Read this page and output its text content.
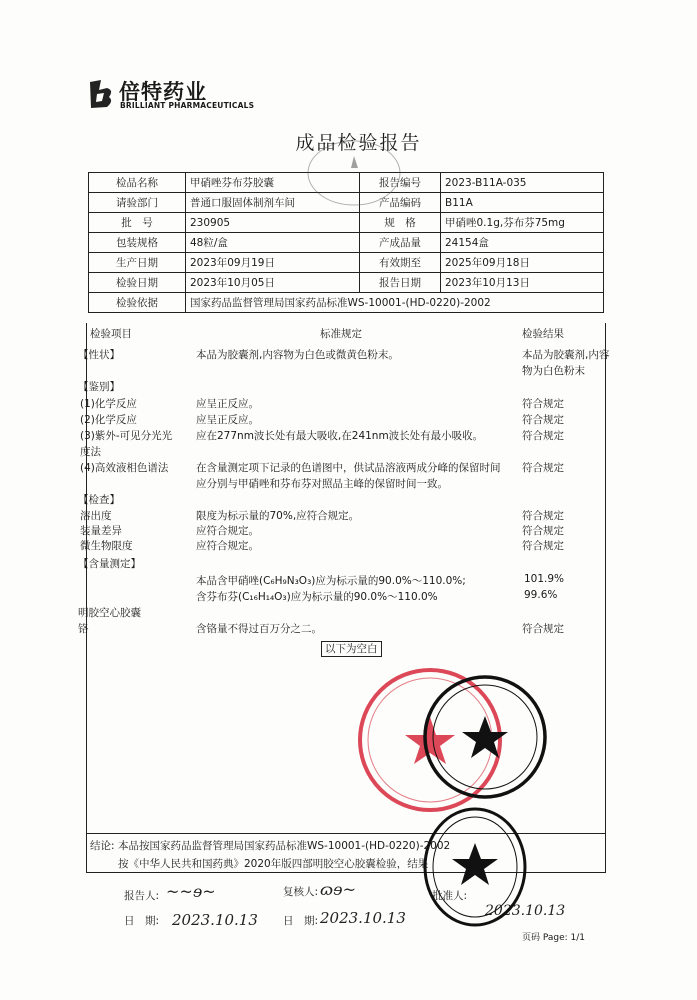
倍特药业
BRILLIANT PHARMACEUTICALS
成品检验报告
检品名称	甲硝唑芬布芬胶囊	报告编号	2023-B11A-035
请验部门	普通口服固体制剂车间	产品编码	B11A
批　号	230905	规　格	甲硝唑0.1g,芬布芬75mg
包装规格	48粒/盒	产成品量	24154盒
生产日期	2023年09月19日	有效期至	2025年09月18日
检验日期	2023年10月05日	报告日期	2023年10月13日
检验依据	国家药品监督管理局国家药品标准WS-10001-(HD-0220)-2002		
检验项目	标准规定	检验结果
【性状】	本品为胶囊剂,内容物为白色或微黄色粉末。	本品为胶囊剂,内容
物为白色粉末
【鉴别】
(1)化学反应	应呈正反应。	符合规定
(2)化学反应	应呈正反应。	符合规定
(3)紫外-可见分光光
度法
应在277nm波长处有最大吸收,在241nm波长处有最小吸收。	符合规定
(4)高效液相色谱法	在含量测定项下记录的色谱图中，供试品溶液两成分峰的保留时间
应分别与甲硝唑和芬布芬对照品主峰的保留时间一致。
符合规定
【检查】
溶出度	限度为标示量的70%,应符合规定。	符合规定
装量差异	应符合规定。	符合规定
微生物限度	应符合规定。	符合规定
【含量测定】
本品含甲硝唑(C₆H₉N₃O₃)应为标示量的90.0%～110.0%;	101.9%
含芬布芬(C₁₆H₁₄O₃)应为标示量的90.0%～110.0%	99.6%
明胶空心胶囊
铬	含铬量不得过百万分之二。	符合规定
以下为空白
结论: 本品按国家药品监督管理局国家药品标准WS-10001-(HD-0220)-2002
按《中华人民共和国药典》2020年版四部明胶空心胶囊检验，结果
报告人: ~~ɘ~	复核人: ɷɘ~
日　期: 2023.10.13 日　期: 2023.10.13
批准人:
2023.10.13
页码 Page: 1/1
